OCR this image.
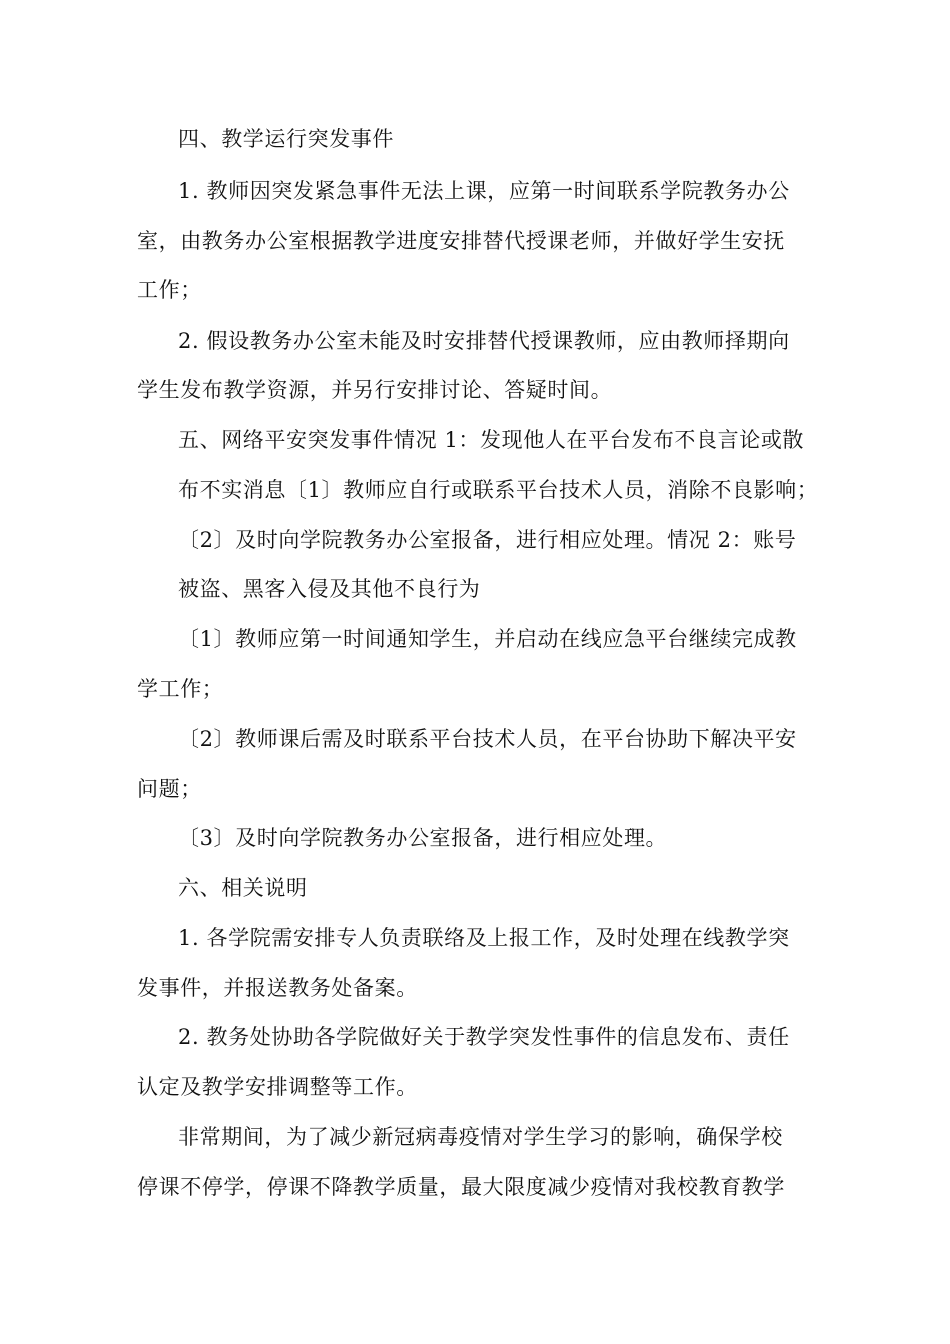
四、教学运行突发事件
1. 教师因突发紧急事件无法上课，应第一时间联系学院教务办公
室，由教务办公室根据教学进度安排替代授课老师，并做好学生安抚
工作；
2. 假设教务办公室未能及时安排替代授课教师，应由教师择期向
学生发布教学资源，并另行安排讨论、答疑时间。
五、网络平安突发事件情况 1：发现他人在平台发布不良言论或散
布不实消息〔1〕教师应自行或联系平台技术人员，消除不良影响；
〔2〕及时向学院教务办公室报备，进行相应处理。情况 2：账号
被盗、黑客入侵及其他不良行为
〔1〕教师应第一时间通知学生，并启动在线应急平台继续完成教
学工作；
〔2〕教师课后需及时联系平台技术人员，在平台协助下解决平安
问题；
〔3〕及时向学院教务办公室报备，进行相应处理。
六、相关说明
1. 各学院需安排专人负责联络及上报工作，及时处理在线教学突
发事件，并报送教务处备案。
2. 教务处协助各学院做好关于教学突发性事件的信息发布、责任
认定及教学安排调整等工作。
非常期间，为了减少新冠病毒疫情对学生学习的影响，确保学校
停课不停学，停课不降教学质量，最大限度减少疫情对我校教育教学
